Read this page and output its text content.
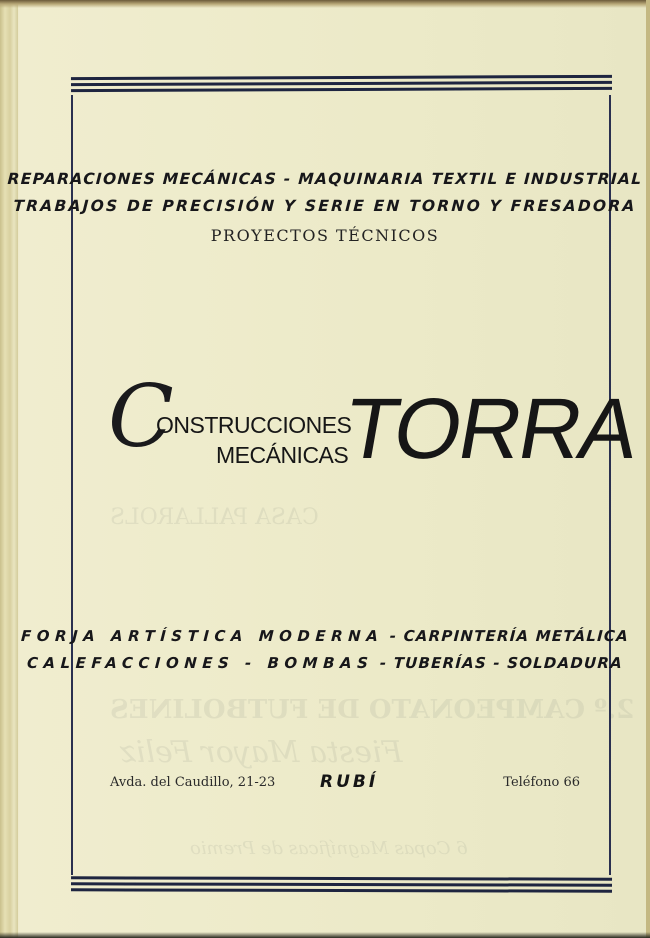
CASA PALLAROLS
2.º CAMPEONATO DE FUTBOLINES
Fiesta Mayor Feliz
6 Copas Magníficas de Premio
REPARACIONES MECÁNICAS - MAQUINARIA TEXTIL E INDUSTRIAL
TRABAJOS DE PRECISIÓN Y SERIE EN TORNO Y FRESADORA
PROYECTOS TÉCNICOS
C
ONSTRUCCIONES
MECÁNICAS
TORRA
FORJA ARTÍSTICA MODERNA - CARPINTERÍA METÁLICA
CALEFACCIONES - BOMBAS - TUBERÍAS - SOLDADURA
Avda. del Caudillo, 21-23	RUBÍ	Teléfono 66
